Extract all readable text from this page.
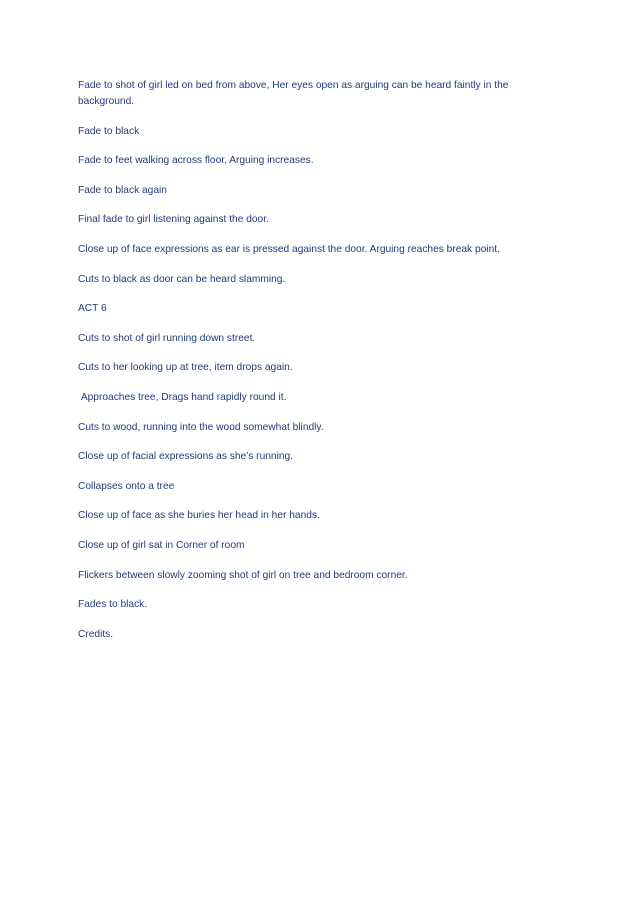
Fade to shot of girl led on bed from above, Her eyes open as arguing can be heard faintly in the background.

Fade to black

Fade to feet walking across floor, Arguing increases.

Fade to black again

Final fade to girl listening against the door.

Close up of face expressions as ear is pressed against the door. Arguing reaches break point.

Cuts to black as door can be heard slamming.

ACT 6

Cuts to shot of girl running down street.

Cuts to her looking up at tree, item drops again.

Approaches tree, Drags hand rapidly round it.

Cuts to wood, running into the wood somewhat blindly.

Close up of facial expressions as she’s running.

Collapses onto a tree

Close up of face as she buries her head in her hands.

Close up of girl sat in Corner of room

Flickers between slowly zooming shot of girl on tree and bedroom corner.

Fades to black.

Credits.
